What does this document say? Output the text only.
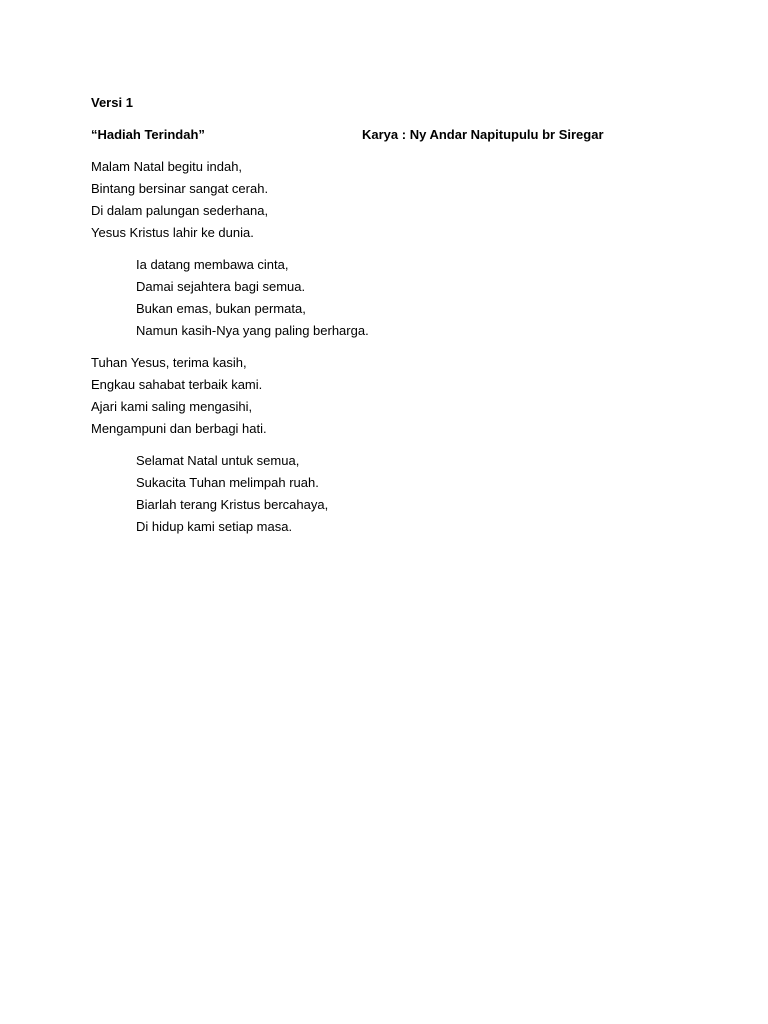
Versi 1
“Hadiah Terindah”	Karya : Ny Andar Napitupulu br Siregar
Malam Natal begitu indah,
Bintang bersinar sangat cerah.
Di dalam palungan sederhana,
Yesus Kristus lahir ke dunia.
Ia datang membawa cinta,
Damai sejahtera bagi semua.
Bukan emas, bukan permata,
Namun kasih-Nya yang paling berharga.
Tuhan Yesus, terima kasih,
Engkau sahabat terbaik kami.
Ajari kami saling mengasihi,
Mengampuni dan berbagi hati.
Selamat Natal untuk semua,
Sukacita Tuhan melimpah ruah.
Biarlah terang Kristus bercahaya,
Di hidup kami setiap masa.
